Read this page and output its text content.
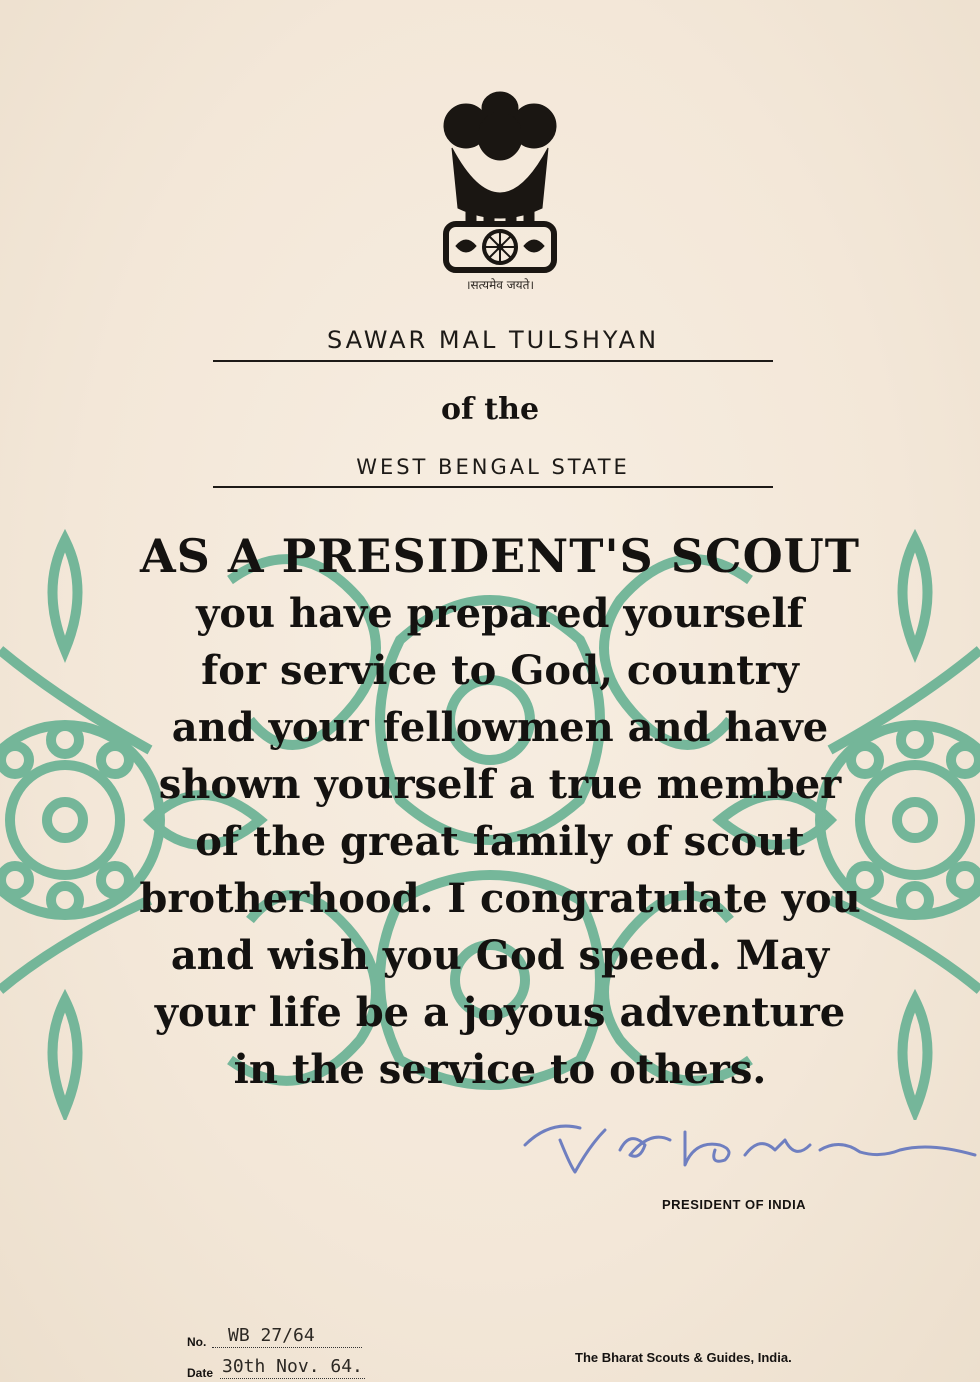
।सत्यमेव जयते।
SAWAR MAL TULSHYAN
of the
WEST BENGAL STATE
AS A PRESIDENT'S SCOUT
you have prepared yourself
for service to God, country
and your fellowmen and have
shown yourself a true member
of the great family of scout
brotherhood. I congratulate you
and wish you God speed. May
your life be a joyous adventure
in the service to others.
PRESIDENT OF INDIA
No. WB 27/64
Date 30th Nov. 64.	The Bharat Scouts & Guides, India.
